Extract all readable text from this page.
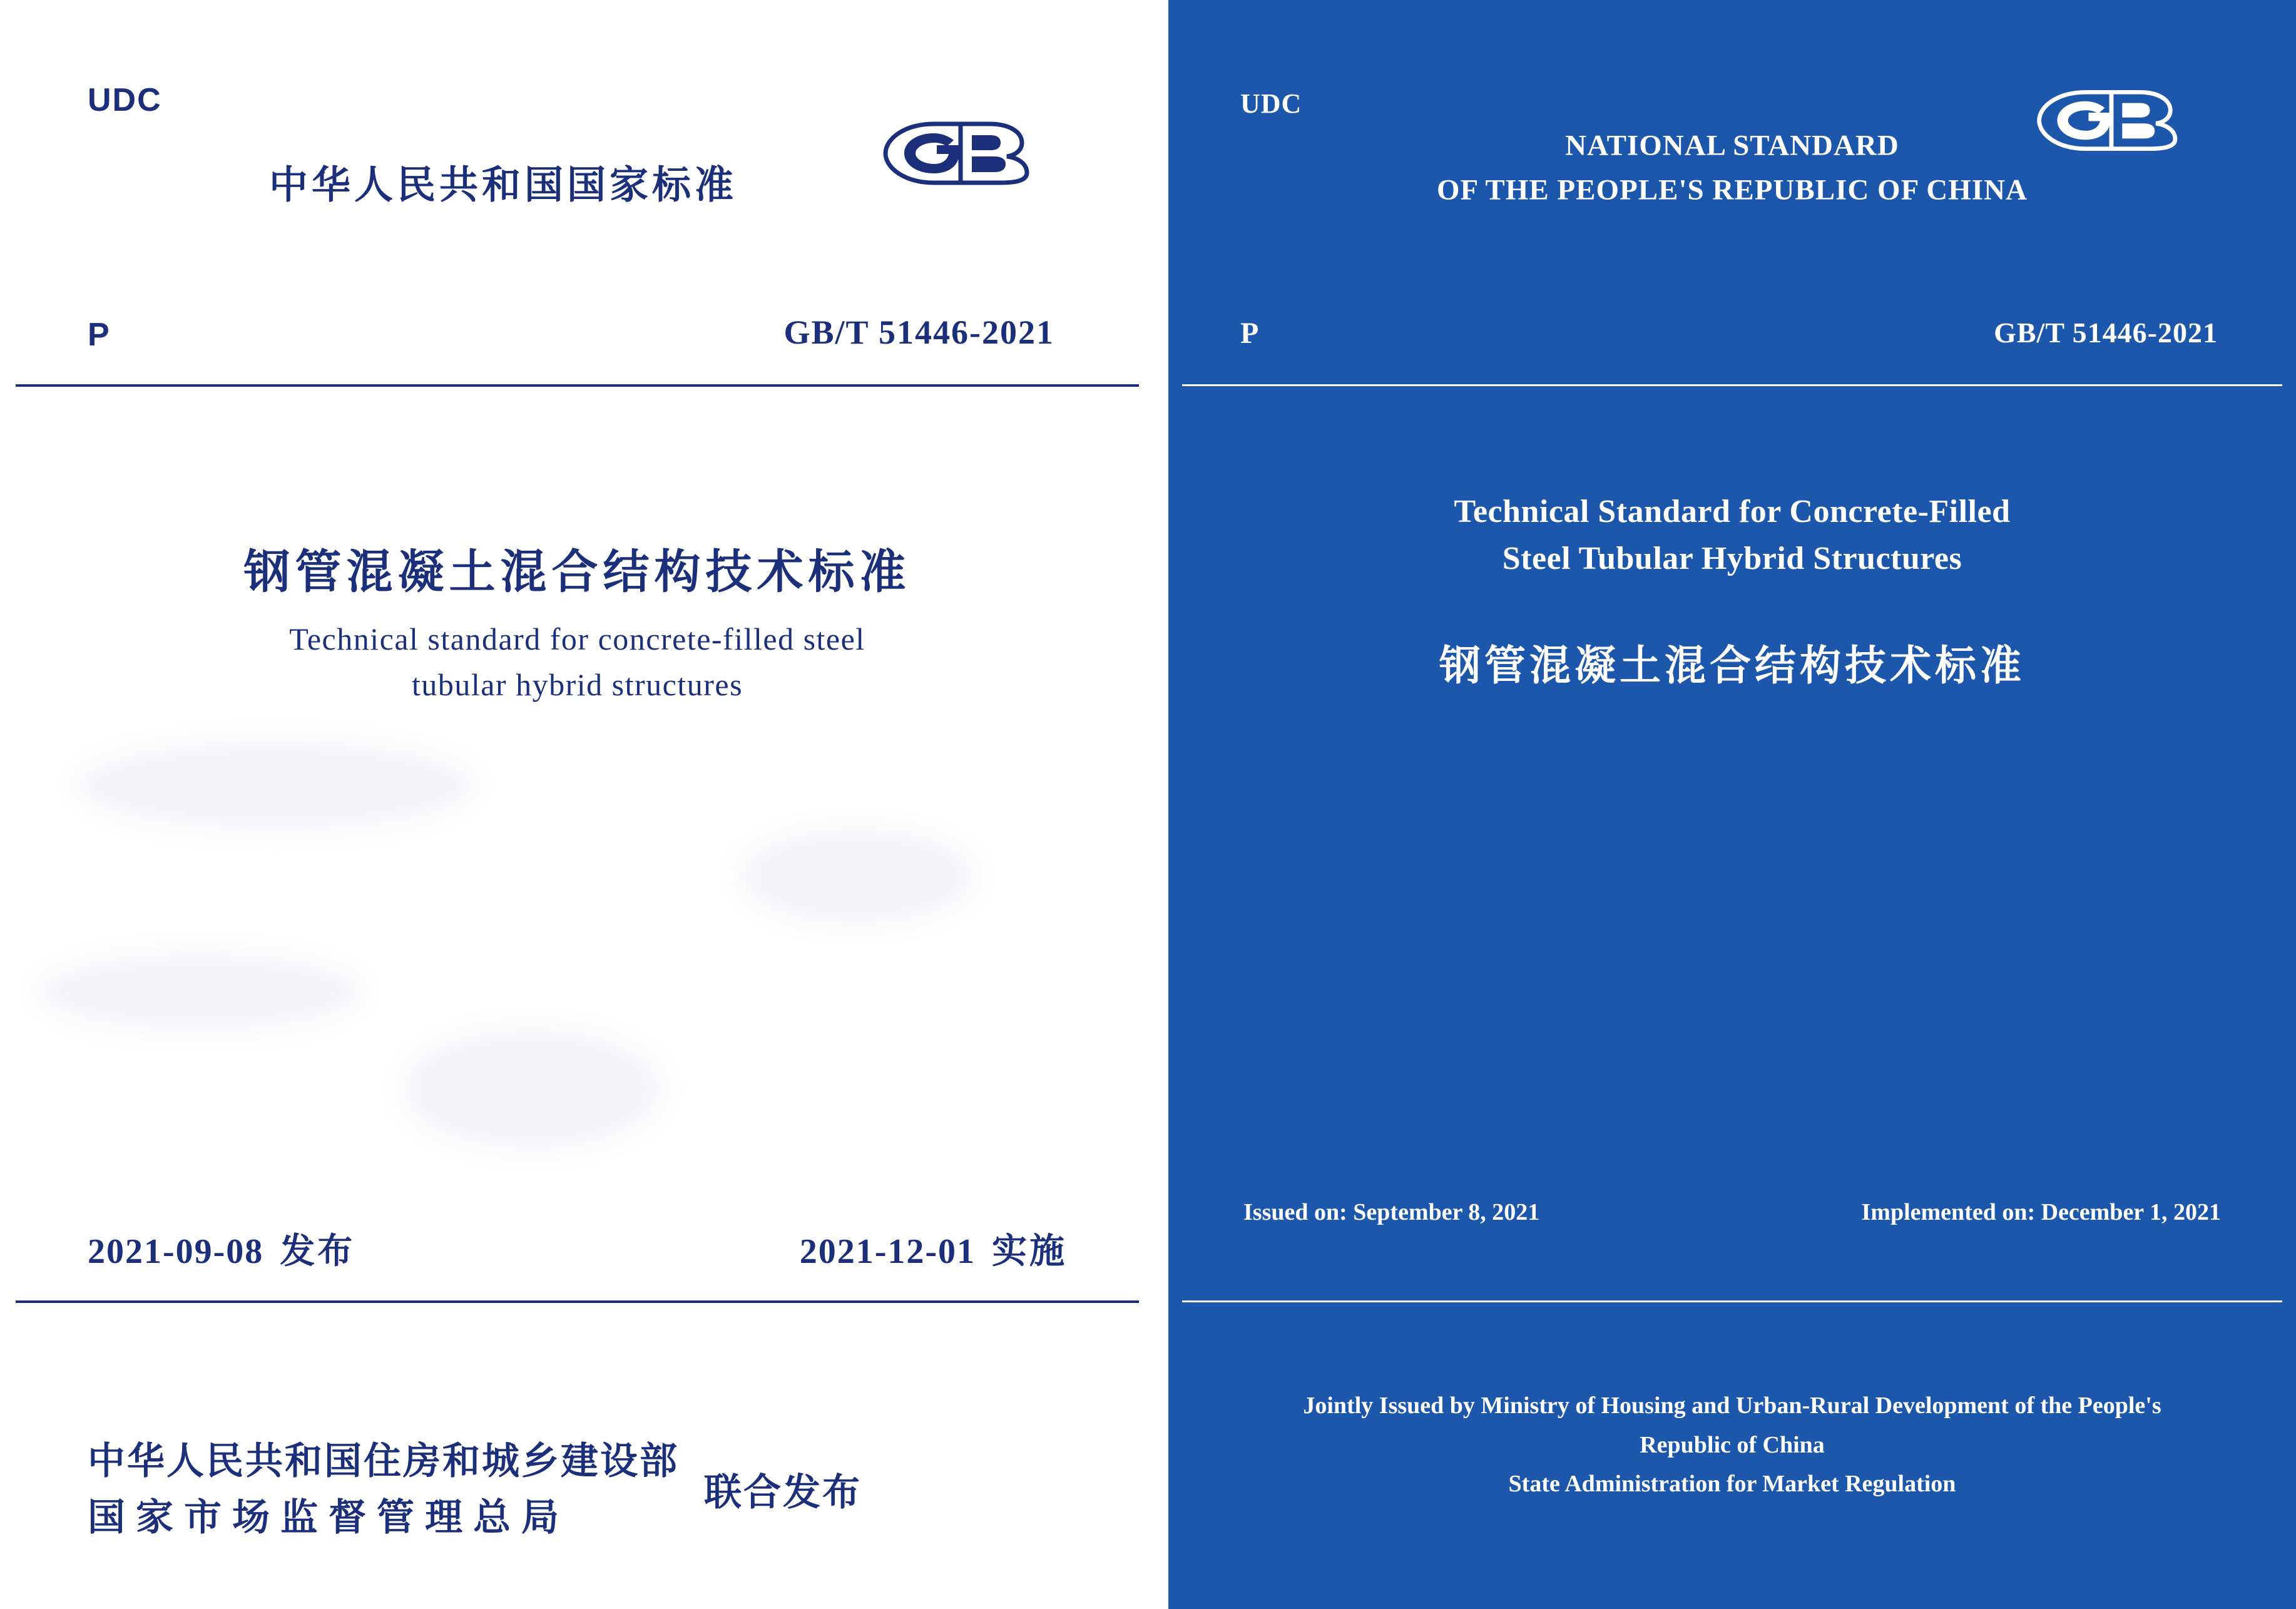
UDC
中华人民共和国国家标准
P	GB/T 51446-2021
钢管混凝土混合结构技术标准
Technical standard for concrete-filled steel
tubular hybrid structures
2021-09-08 发布	2021-12-01 实施
中华人民共和国住房和城乡建设部
国家市场监督管理总局
联合发布
UDC
NATIONAL STANDARD
OF THE PEOPLE'S REPUBLIC OF CHINA
P	GB/T 51446-2021
Technical Standard for Concrete-Filled
Steel Tubular Hybrid Structures
钢管混凝土混合结构技术标准
Issued on: September 8, 2021	Implemented on: December 1, 2021
Jointly Issued by Ministry of Housing and Urban-Rural Development of the People's
Republic of China
State Administration for Market Regulation
